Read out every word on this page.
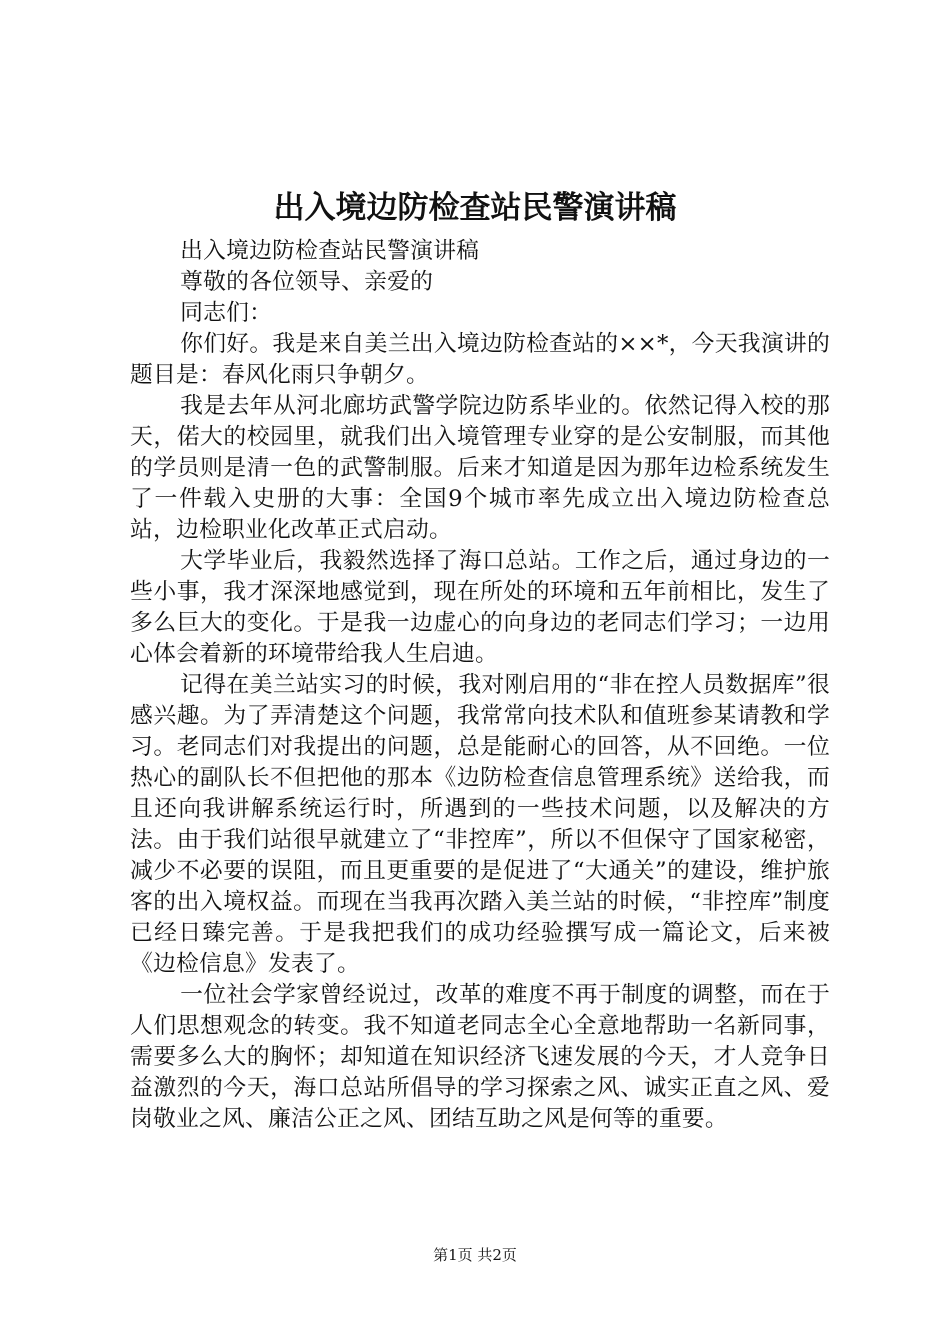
出入境边防检查站民警演讲稿

出入境边防检查站民警演讲稿

尊敬的各位领导、亲爱的

同志们：

你们好。我是来自美兰出入境边防检查站的××*，今天我演讲的题目是：春风化雨只争朝夕。

我是去年从河北廊坊武警学院边防系毕业的。依然记得入校的那天，偌大的校园里，就我们出入境管理专业穿的是公安制服，而其他的学员则是清一色的武警制服。后来才知道是因为那年边检系统发生了一件载入史册的大事：全国9个城市率先成立出入境边防检查总站，边检职业化改革正式启动。

大学毕业后，我毅然选择了海口总站。工作之后，通过身边的一些小事，我才深深地感觉到，现在所处的环境和五年前相比，发生了多么巨大的变化。于是我一边虚心的向身边的老同志们学习；一边用心体会着新的环境带给我人生启迪。

记得在美兰站实习的时候，我对刚启用的“非在控人员数据库”很感兴趣。为了弄清楚这个问题，我常常向技术队和值班参某请教和学习。老同志们对我提出的问题，总是能耐心的回答，从不回绝。一位热心的副队长不但把他的那本《边防检查信息管理系统》送给我，而且还向我讲解系统运行时，所遇到的一些技术问题，以及解决的方法。由于我们站很早就建立了“非控库”，所以不但保守了国家秘密，减少不必要的误阻，而且更重要的是促进了“大通关”的建设，维护旅客的出入境权益。而现在当我再次踏入美兰站的时候，“非控库”制度已经日臻完善。于是我把我们的成功经验撰写成一篇论文，后来被《边检信息》发表了。

一位社会学家曾经说过，改革的难度不再于制度的调整，而在于人们思想观念的转变。我不知道老同志全心全意地帮助一名新同事，需要多么大的胸怀；却知道在知识经济飞速发展的今天，才人竞争日益激烈的今天，海口总站所倡导的学习探索之风、诚实正直之风、爱岗敬业之风、廉洁公正之风、团结互助之风是何等的重要。

第1页 共2页
